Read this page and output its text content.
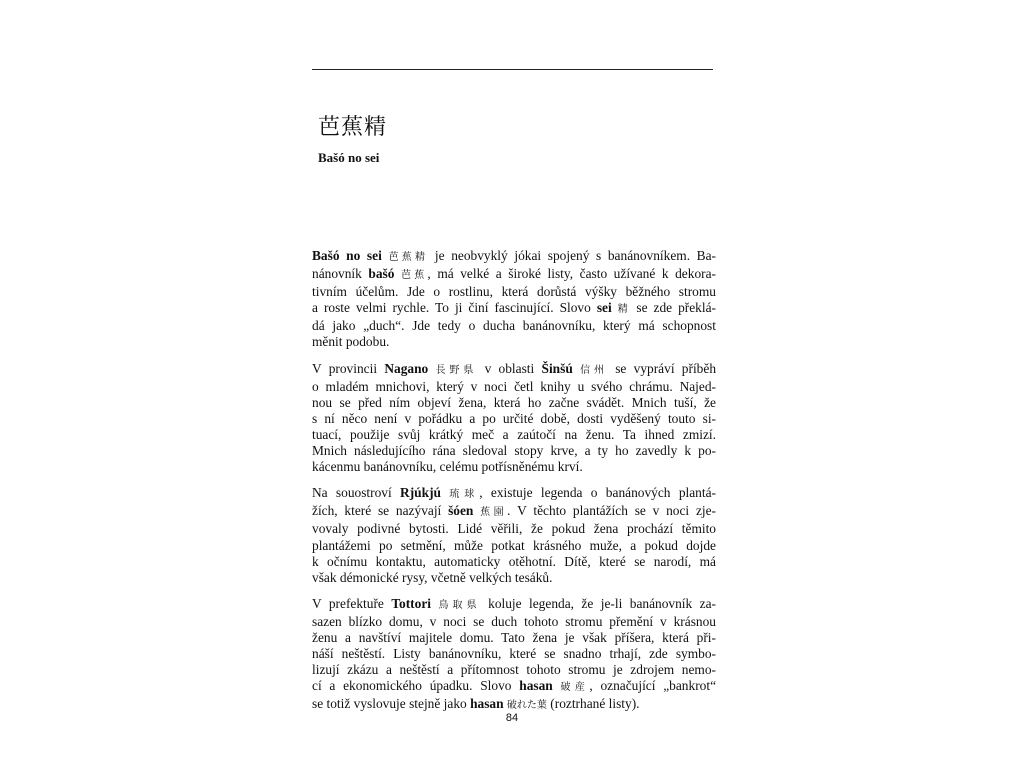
芭蕉精
Bašó no sei

Bašó no sei 芭蕉精 je neobvyklý jókai spojený s banánovníkem. Ba-
nánovník bašó 芭蕉, má velké a široké listy, často užívané k dekora-
tivním účelům. Jde o rostlinu, která dorůstá výšky běžného stromu
a roste velmi rychle. To ji činí fascinující. Slovo sei 精 se zde překlá-
dá jako „duch“. Jde tedy o ducha banánovníku, který má schopnost
měnit podobu.

V provincii Nagano 長野県 v oblasti Šinšú 信州 se vypráví příběh
o mladém mnichovi, který v noci četl knihy u svého chrámu. Najed-
nou se před ním objeví žena, která ho začne svádět. Mnich tuší, že
s ní něco není v pořádku a po určité době, dosti vyděšený touto si-
tuací, použije svůj krátký meč a zaútočí na ženu. Ta ihned zmizí.
Mnich následujícího rána sledoval stopy krve, a ty ho zavedly k po-
kácenmu banánovníku, celému potřísněnému krví.

Na souostroví Rjúkjú 琉球, existuje legenda o banánových plantá-
žích, které se nazývají šóen 蕉園. V těchto plantážích se v noci zje-
vovaly podivné bytosti. Lidé věřili, že pokud žena prochází těmito
plantážemi po setmění, může potkat krásného muže, a pokud dojde
k očnímu kontaktu, automaticky otěhotní. Dítě, které se narodí, má
však démonické rysy, včetně velkých tesáků.

V prefektuře Tottori 鳥取県 koluje legenda, že je-li banánovník za-
sazen blízko domu, v noci se duch tohoto stromu přemění v krásnou
ženu a navštíví majitele domu. Tato žena je však příšera, která při-
náší neštěstí. Listy banánovníku, které se snadno trhají, zde symbo-
lizují zkázu a neštěstí a přítomnost tohoto stromu je zdrojem nemo-
cí a ekonomického úpadku. Slovo hasan 破産, označující „bankrot“
se totiž vyslovuje stejně jako hasan 破れた葉 (roztrhané listy).

84
